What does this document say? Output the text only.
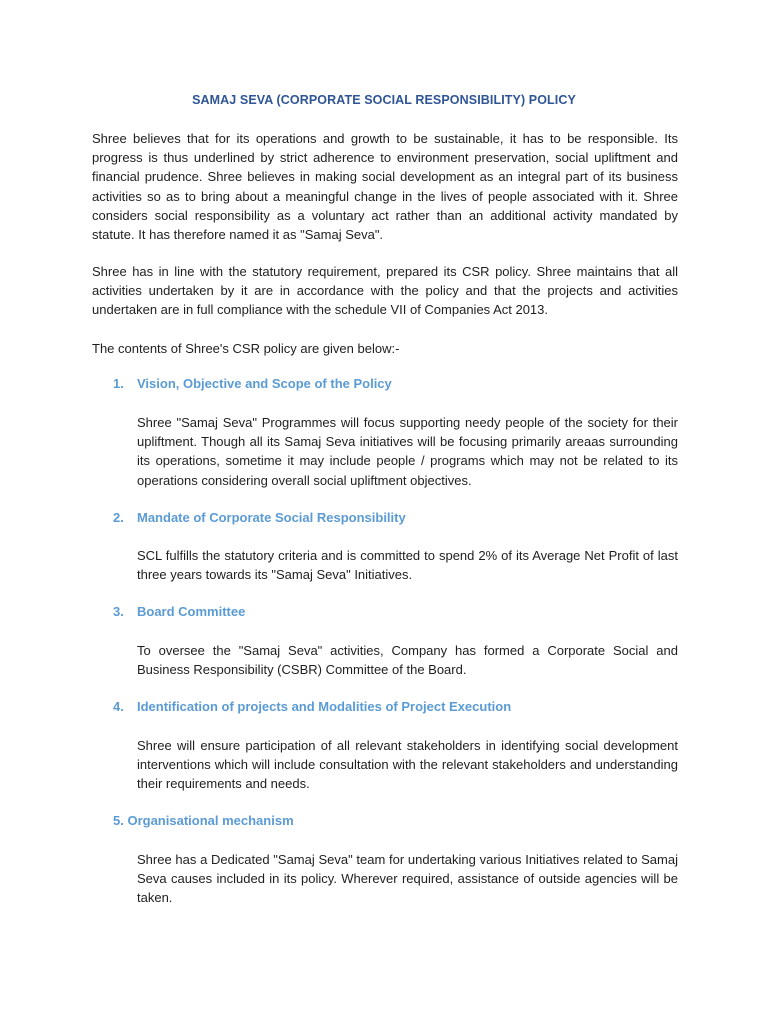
SAMAJ SEVA (CORPORATE SOCIAL RESPONSIBILITY) POLICY
Shree believes that for its operations and growth to be sustainable, it has to be responsible. Its progress is thus underlined by strict adherence to environment preservation, social upliftment and financial prudence. Shree believes in making social development as an integral part of its business activities so as to bring about a meaningful change in the lives of people associated with it. Shree considers social responsibility as a voluntary act rather than an additional activity mandated by statute. It has therefore named it as "Samaj Seva".
Shree has in line with the statutory requirement, prepared its CSR policy. Shree maintains that all activities undertaken by it are in accordance with the policy and that the projects and activities undertaken are in full compliance with the schedule VII of Companies Act 2013.
The contents of Shree's CSR policy are given below:-
1. Vision, Objective and Scope of the Policy
Shree "Samaj Seva" Programmes will focus supporting needy people of the society for their upliftment. Though all its Samaj Seva initiatives will be focusing primarily areaas surrounding its operations, sometime it may include people / programs which may not be related to its operations considering overall social upliftment objectives.
2. Mandate of Corporate Social Responsibility
SCL fulfills the statutory criteria and is committed to spend 2% of its Average Net Profit of last three years towards its "Samaj Seva" Initiatives.
3. Board Committee
To oversee the "Samaj Seva" activities, Company has formed a Corporate Social and Business Responsibility (CSBR) Committee of the Board.
4. Identification of projects and Modalities of Project Execution
Shree will ensure participation of all relevant stakeholders in identifying social development interventions which will include consultation with the relevant stakeholders and understanding their requirements and needs.
5. Organisational mechanism
Shree has a Dedicated "Samaj Seva" team for undertaking various Initiatives related to Samaj Seva causes included in its policy. Wherever required, assistance of outside agencies will be taken.
